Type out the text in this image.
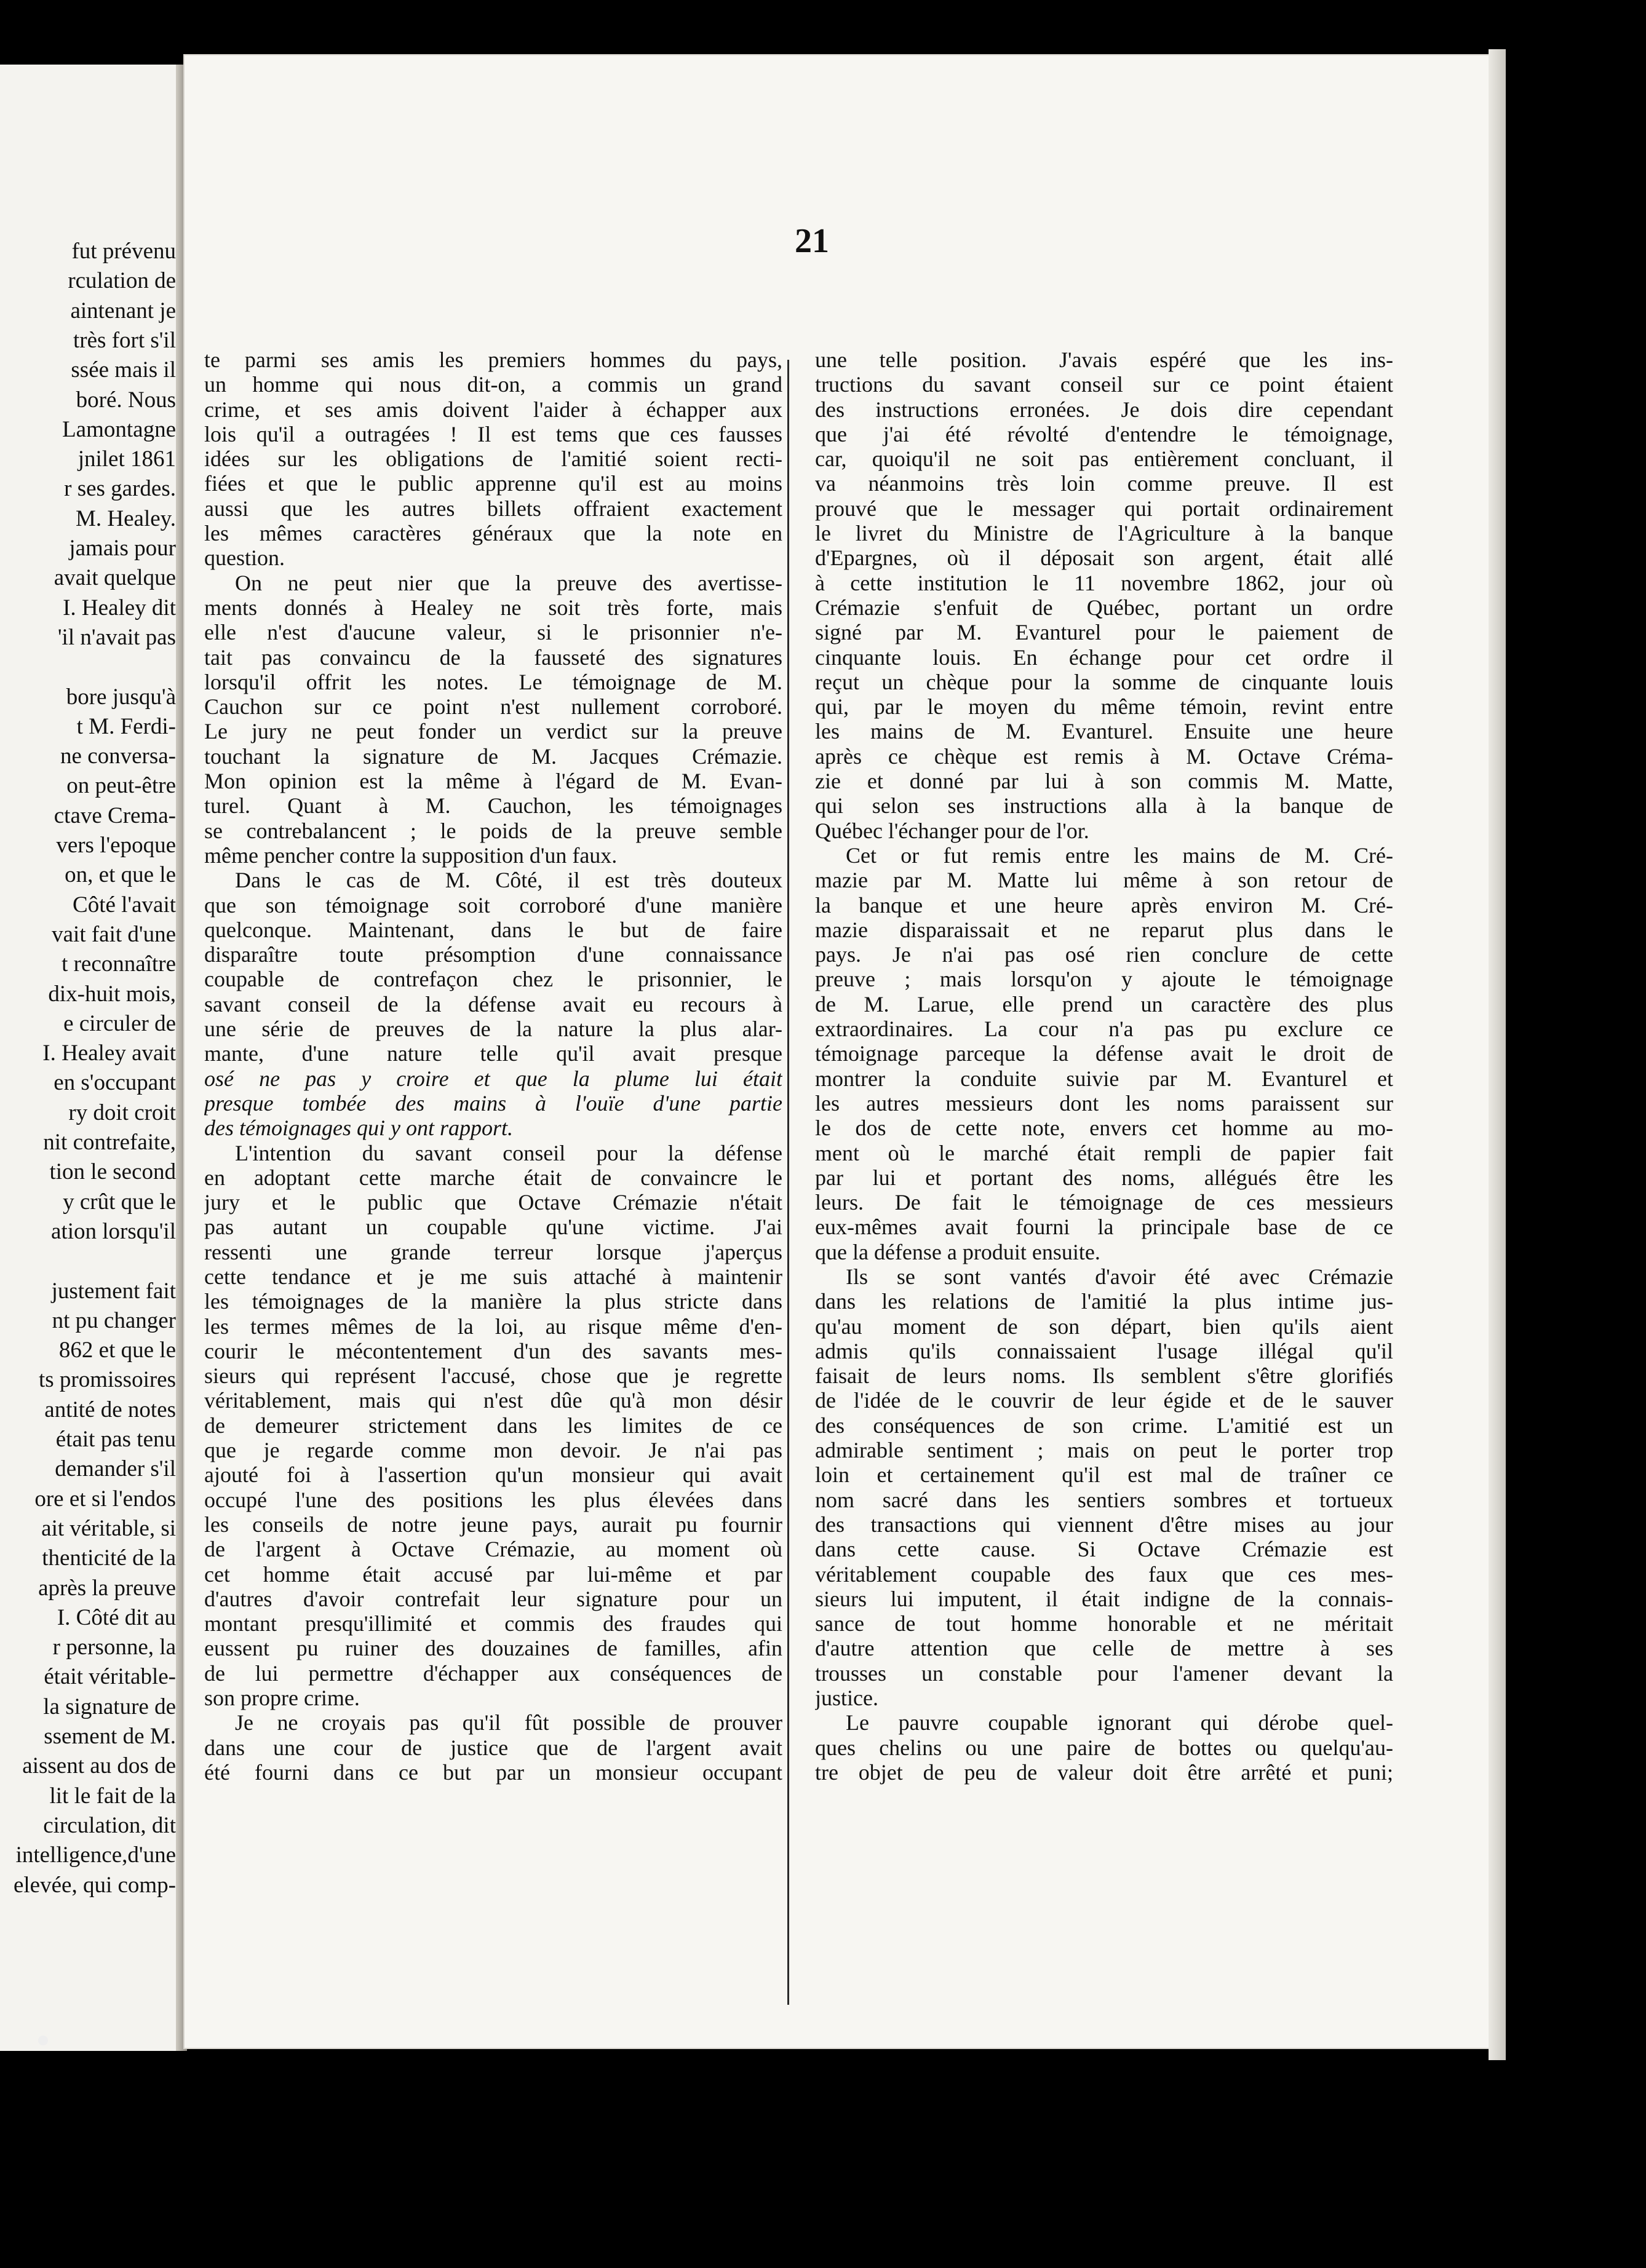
fut prévenu
rculation de
aintenant je
très fort s'il
ssée mais il
boré. Nous
Lamontagne
jnilet 1861
r ses gardes.
M. Healey.
jamais pour
avait quelque
I. Healey dit
'il n'avait pas
bore jusqu'à
t M. Ferdi-
ne conversa-
on peut-être
ctave Crema-
vers l'epoque
on, et que le
Côté l'avait
vait fait d'une
t reconnaître
dix-huit mois,
e circuler de
I. Healey avait
en s'occupant
ry doit croit
nit contrefaite,
tion le second
y crût que le
ation lorsqu'il
justement fait
nt pu changer
862 et que le
ts promissoires
antité de notes
était pas tenu
demander s'il
ore et si l'endos
ait véritable, si
thenticité de la
après la preuve
I. Côté dit au
r personne, la
était véritable-
la signature de
ssement de M.
aissent au dos de
lit le fait de la
circulation, dit
intelligence,d'une
elevée, qui comp-
21
te parmi ses amis les premiers hommes du pays,
un homme qui nous dit-on, a commis un grand
crime, et ses amis doivent l'aider à échapper aux
lois qu'il a outragées ! Il est tems que ces fausses
idées sur les obligations de l'amitié soient recti-
fiées et que le public apprenne qu'il est au moins
aussi que les autres billets offraient exactement
les mêmes caractères généraux que la note en
question.
On ne peut nier que la preuve des avertisse-
ments donnés à Healey ne soit très forte, mais
elle n'est d'aucune valeur, si le prisonnier n'e-
tait pas convaincu de la fausseté des signatures
lorsqu'il offrit les notes. Le témoignage de M.
Cauchon sur ce point n'est nullement corroboré.
Le jury ne peut fonder un verdict sur la preuve
touchant la signature de M. Jacques Crémazie.
Mon opinion est la même à l'égard de M. Evan-
turel. Quant à M. Cauchon, les témoignages
se contrebalancent ; le poids de la preuve semble
même pencher contre la supposition d'un faux.
Dans le cas de M. Côté, il est très douteux
que son témoignage soit corroboré d'une manière
quelconque. Maintenant, dans le but de faire
disparaître toute présomption d'une connaissance
coupable de contrefaçon chez le prisonnier, le
savant conseil de la défense avait eu recours à
une série de preuves de la nature la plus alar-
mante, d'une nature telle qu'il avait presque
osé ne pas y croire et que la plume lui était
presque tombée des mains à l'ouïe d'une partie
des témoignages qui y ont rapport.
L'intention du savant conseil pour la défense
en adoptant cette marche était de convaincre le
jury et le public que Octave Crémazie n'était
pas autant un coupable qu'une victime. J'ai
ressenti une grande terreur lorsque j'aperçus
cette tendance et je me suis attaché à maintenir
les témoignages de la manière la plus stricte dans
les termes mêmes de la loi, au risque même d'en-
courir le mécontentement d'un des savants mes-
sieurs qui représent l'accusé, chose que je regrette
véritablement, mais qui n'est dûe qu'à mon désir
de demeurer strictement dans les limites de ce
que je regarde comme mon devoir. Je n'ai pas
ajouté foi à l'assertion qu'un monsieur qui avait
occupé l'une des positions les plus élevées dans
les conseils de notre jeune pays, aurait pu fournir
de l'argent à Octave Crémazie, au moment où
cet homme était accusé par lui-même et par
d'autres d'avoir contrefait leur signature pour un
montant presqu'illimité et commis des fraudes qui
eussent pu ruiner des douzaines de familles, afin
de lui permettre d'échapper aux conséquences de
son propre crime.
Je ne croyais pas qu'il fût possible de prouver
dans une cour de justice que de l'argent avait
été fourni dans ce but par un monsieur occupant
une telle position. J'avais espéré que les ins-
tructions du savant conseil sur ce point étaient
des instructions erronées. Je dois dire cependant
que j'ai été révolté d'entendre le témoignage,
car, quoiqu'il ne soit pas entièrement concluant, il
va néanmoins très loin comme preuve. Il est
prouvé que le messager qui portait ordinairement
le livret du Ministre de l'Agriculture à la banque
d'Epargnes, où il déposait son argent, était allé
à cette institution le 11 novembre 1862, jour où
Crémazie s'enfuit de Québec, portant un ordre
signé par M. Evanturel pour le paiement de
cinquante louis. En échange pour cet ordre il
reçut un chèque pour la somme de cinquante louis
qui, par le moyen du même témoin, revint entre
les mains de M. Evanturel. Ensuite une heure
après ce chèque est remis à M. Octave Créma-
zie et donné par lui à son commis M. Matte,
qui selon ses instructions alla à la banque de
Québec l'échanger pour de l'or.
Cet or fut remis entre les mains de M. Cré-
mazie par M. Matte lui même à son retour de
la banque et une heure après environ M. Cré-
mazie disparaissait et ne reparut plus dans le
pays. Je n'ai pas osé rien conclure de cette
preuve ; mais lorsqu'on y ajoute le témoignage
de M. Larue, elle prend un caractère des plus
extraordinaires. La cour n'a pas pu exclure ce
témoignage parceque la défense avait le droit de
montrer la conduite suivie par M. Evanturel et
les autres messieurs dont les noms paraissent sur
le dos de cette note, envers cet homme au mo-
ment où le marché était rempli de papier fait
par lui et portant des noms, allégués être les
leurs. De fait le témoignage de ces messieurs
eux-mêmes avait fourni la principale base de ce
que la défense a produit ensuite.
Ils se sont vantés d'avoir été avec Crémazie
dans les relations de l'amitié la plus intime jus-
qu'au moment de son départ, bien qu'ils aient
admis qu'ils connaissaient l'usage illégal qu'il
faisait de leurs noms. Ils semblent s'être glorifiés
de l'idée de le couvrir de leur égide et de le sauver
des conséquences de son crime. L'amitié est un
admirable sentiment ; mais on peut le porter trop
loin et certainement qu'il est mal de traîner ce
nom sacré dans les sentiers sombres et tortueux
des transactions qui viennent d'être mises au jour
dans cette cause. Si Octave Crémazie est
véritablement coupable des faux que ces mes-
sieurs lui imputent, il était indigne de la connais-
sance de tout homme honorable et ne méritait
d'autre attention que celle de mettre à ses
trousses un constable pour l'amener devant la
justice.
Le pauvre coupable ignorant qui dérobe quel-
ques chelins ou une paire de bottes ou quelqu'au-
tre objet de peu de valeur doit être arrêté et puni;
